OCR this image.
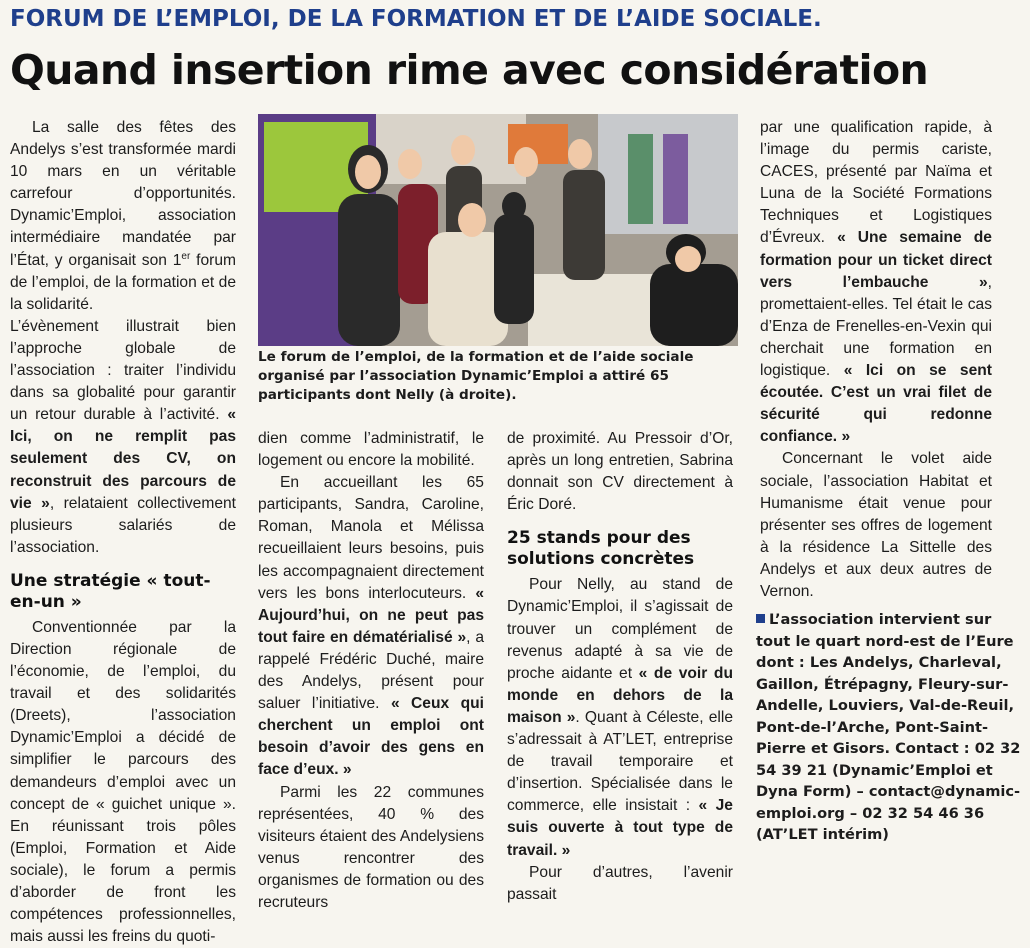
FORUM DE L’EMPLOI, DE LA FORMATION ET DE L’AIDE SOCIALE.
Quand insertion rime avec considération

La salle des fêtes des Andelys s’est transformée mardi 10 mars en un véritable carrefour d’opportunités. Dynamic’Emploi, association intermédiaire mandatée par l’État, y organisait son 1er forum de l’emploi, de la formation et de la solidarité.

L’évènement illustrait bien l’approche globale de l’association : traiter l’individu dans sa globalité pour garantir un retour durable à l’activité. « Ici, on ne remplit pas seulement des CV, on reconstruit des parcours de vie », relataient collectivement plusieurs salariés de l’association.

Une stratégie « tout-en-un »

Conventionnée par la Direction régionale de l’économie, de l’emploi, du travail et des solidarités (Dreets), l’association Dynamic’Emploi a décidé de simplifier le parcours des demandeurs d’emploi avec un concept de « guichet unique ». En réunissant trois pôles (Emploi, Formation et Aide sociale), le forum a permis d’aborder de front les compétences professionnelles, mais aussi les freins du quoti-

Le forum de l’emploi, de la formation et de l’aide sociale organisé par l’association Dynamic’Emploi a attiré 65 participants dont Nelly (à droite).

dien comme l’administratif, le logement ou encore la mobilité.

En accueillant les 65 participants, Sandra, Caroline, Roman, Manola et Mélissa recueillaient leurs besoins, puis les accompagnaient directement vers les bons interlocuteurs. « Aujourd’hui, on ne peut pas tout faire en dématérialisé », a rappelé Frédéric Duché, maire des Andelys, présent pour saluer l’initiative. « Ceux qui cherchent un emploi ont besoin d’avoir des gens en face d’eux. »

Parmi les 22 communes représentées, 40 % des visiteurs étaient des Andelysiens venus rencontrer des organismes de formation ou des recruteurs

de proximité. Au Pressoir d’Or, après un long entretien, Sabrina donnait son CV directement à Éric Doré.

25 stands pour des solutions concrètes

Pour Nelly, au stand de Dynamic’Emploi, il s’agissait de trouver un complément de revenus adapté à sa vie de proche aidante et « de voir du monde en dehors de la maison ». Quant à Céleste, elle s’adressait à AT’LET, entreprise de travail temporaire et d’insertion. Spécialisée dans le commerce, elle insistait : « Je suis ouverte à tout type de travail. »

Pour d’autres, l’avenir passait

par une qualification rapide, à l’image du permis cariste, CACES, présenté par Naïma et Luna de la Société Formations Techniques et Logistiques d’Évreux. « Une semaine de formation pour un ticket direct vers l’embauche », promettaient-elles. Tel était le cas d’Enza de Frenelles-en-Vexin qui cherchait une formation en logistique. « Ici on se sent écoutée. C’est un vrai filet de sécurité qui redonne confiance. »

Concernant le volet aide sociale, l’association Habitat et Humanisme était venue pour présenter ses offres de logement à la résidence La Sittelle des Andelys et aux deux autres de Vernon.

L’association intervient sur tout le quart nord-est de l’Eure dont : Les Andelys, Charleval, Gaillon, Étrépagny, Fleury-sur-Andelle, Louviers, Val-de-Reuil, Pont-de-l’Arche, Pont-Saint-Pierre et Gisors. Contact : 02 32 54 39 21 (Dynamic’Emploi et Dyna Form) – contact@dynamic-emploi.org – 02 32 54 46 36 (AT’LET intérim)
